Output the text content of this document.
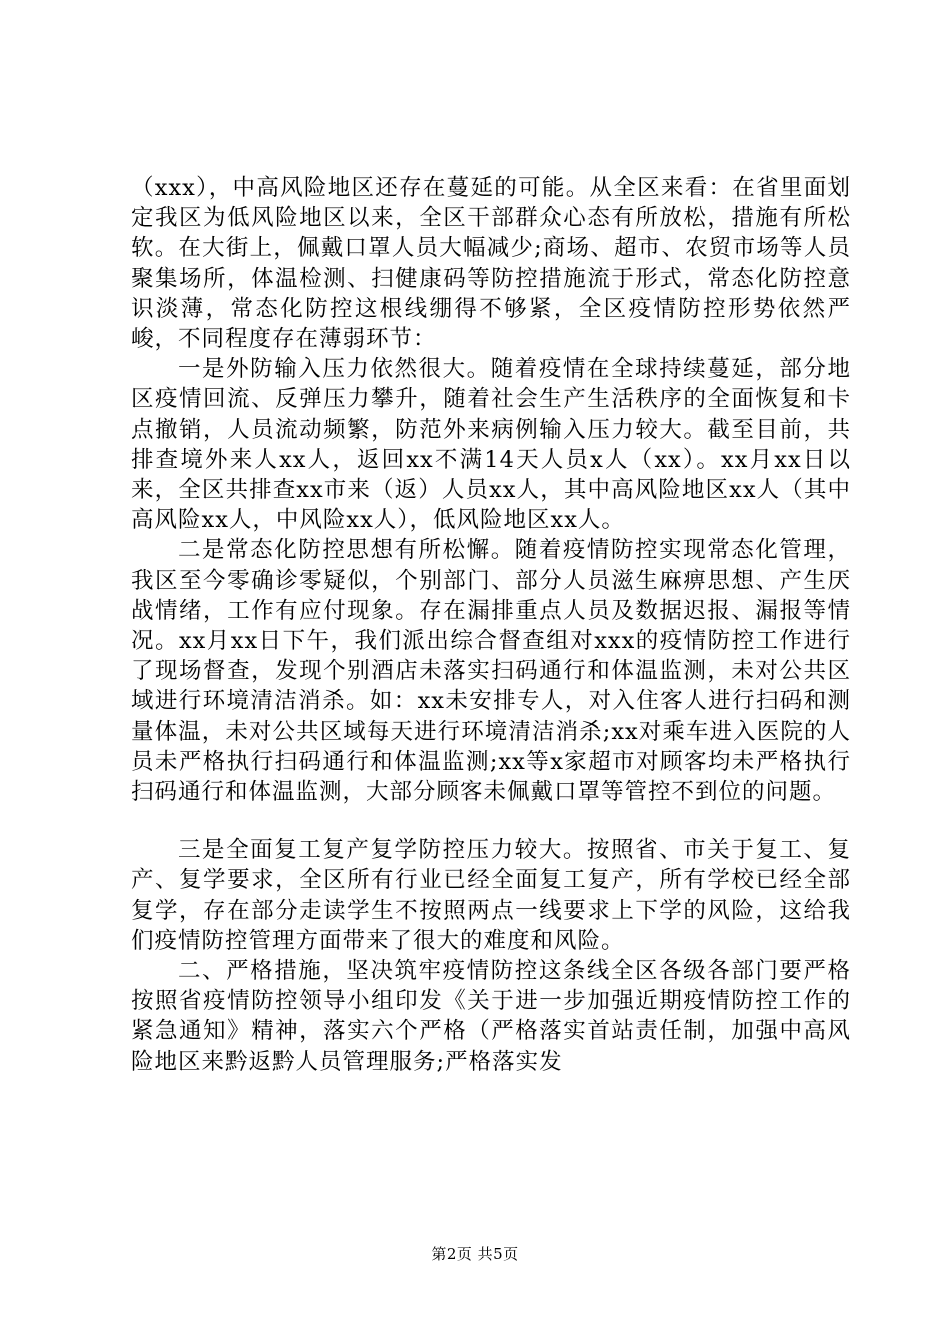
（xxx），中高风险地区还存在蔓延的可能。从全区来看：在省里面划定我区为低风险地区以来，全区干部群众心态有所放松，措施有所松软。在大街上，佩戴口罩人员大幅减少;商场、超市、农贸市场等人员聚集场所，体温检测、扫健康码等防控措施流于形式，常态化防控意识淡薄，常态化防控这根线绷得不够紧，全区疫情防控形势依然严峻，不同程度存在薄弱环节：

一是外防输入压力依然很大。随着疫情在全球持续蔓延，部分地区疫情回流、反弹压力攀升，随着社会生产生活秩序的全面恢复和卡点撤销，人员流动频繁，防范外来病例输入压力较大。截至目前，共排查境外来人xx人，返回xx不满14天人员x人（xx）。xx月xx日以来，全区共排查xx市来（返）人员xx人，其中高风险地区xx人（其中高风险xx人，中风险xx人），低风险地区xx人。

二是常态化防控思想有所松懈。随着疫情防控实现常态化管理，我区至今零确诊零疑似，个别部门、部分人员滋生麻痹思想、产生厌战情绪，工作有应付现象。存在漏排重点人员及数据迟报、漏报等情况。xx月xx日下午，我们派出综合督查组对xxx的疫情防控工作进行了现场督查，发现个别酒店未落实扫码通行和体温监测，未对公共区域进行环境清洁消杀。如：xx未安排专人，对入住客人进行扫码和测量体温，未对公共区域每天进行环境清洁消杀;xx对乘车进入医院的人员未严格执行扫码通行和体温监测;xx等x家超市对顾客均未严格执行扫码通行和体温监测，大部分顾客未佩戴口罩等管控不到位的问题。

三是全面复工复产复学防控压力较大。按照省、市关于复工、复产、复学要求，全区所有行业已经全面复工复产，所有学校已经全部复学，存在部分走读学生不按照两点一线要求上下学的风险，这给我们疫情防控管理方面带来了很大的难度和风险。

二、严格措施，坚决筑牢疫情防控这条线全区各级各部门要严格按照省疫情防控领导小组印发《关于进一步加强近期疫情防控工作的紧急通知》精神，落实六个严格（严格落实首站责任制，加强中高风险地区来黔返黔人员管理服务;严格落实发

第2页 共5页
